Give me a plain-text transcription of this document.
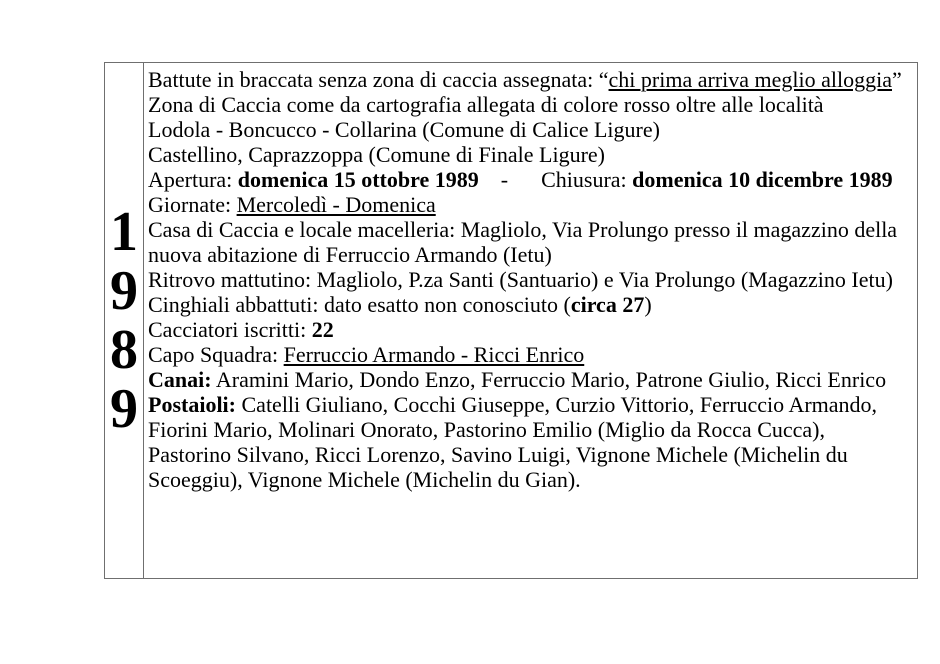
1
9
8
9
Battute in braccata senza zona di caccia assegnata: “chi prima arriva meglio alloggia”
Zona di Caccia come da cartografia allegata di colore rosso oltre alle località
Lodola - Boncucco - Collarina (Comune di Calice Ligure)
Castellino, Caprazzoppa (Comune di Finale Ligure)
Apertura: domenica 15 ottobre 1989    -      Chiusura: domenica 10 dicembre 1989
Giornate: Mercoledì - Domenica
Casa di Caccia e locale macelleria: Magliolo, Via Prolungo presso il magazzino della
nuova abitazione di Ferruccio Armando (Ietu)
Ritrovo mattutino: Magliolo, P.za Santi (Santuario) e Via Prolungo (Magazzino Ietu)
Cinghiali abbattuti: dato esatto non conosciuto (circa 27)
Cacciatori iscritti: 22
Capo Squadra: Ferruccio Armando - Ricci Enrico
Canai: Aramini Mario, Dondo Enzo, Ferruccio Mario, Patrone Giulio, Ricci Enrico
Postaioli: Catelli Giuliano, Cocchi Giuseppe, Curzio Vittorio, Ferruccio Armando,
Fiorini Mario, Molinari Onorato, Pastorino Emilio (Miglio da Rocca Cucca),
Pastorino Silvano, Ricci Lorenzo, Savino Luigi, Vignone Michele (Michelin du
Scoeggiu), Vignone Michele (Michelin du Gian).
